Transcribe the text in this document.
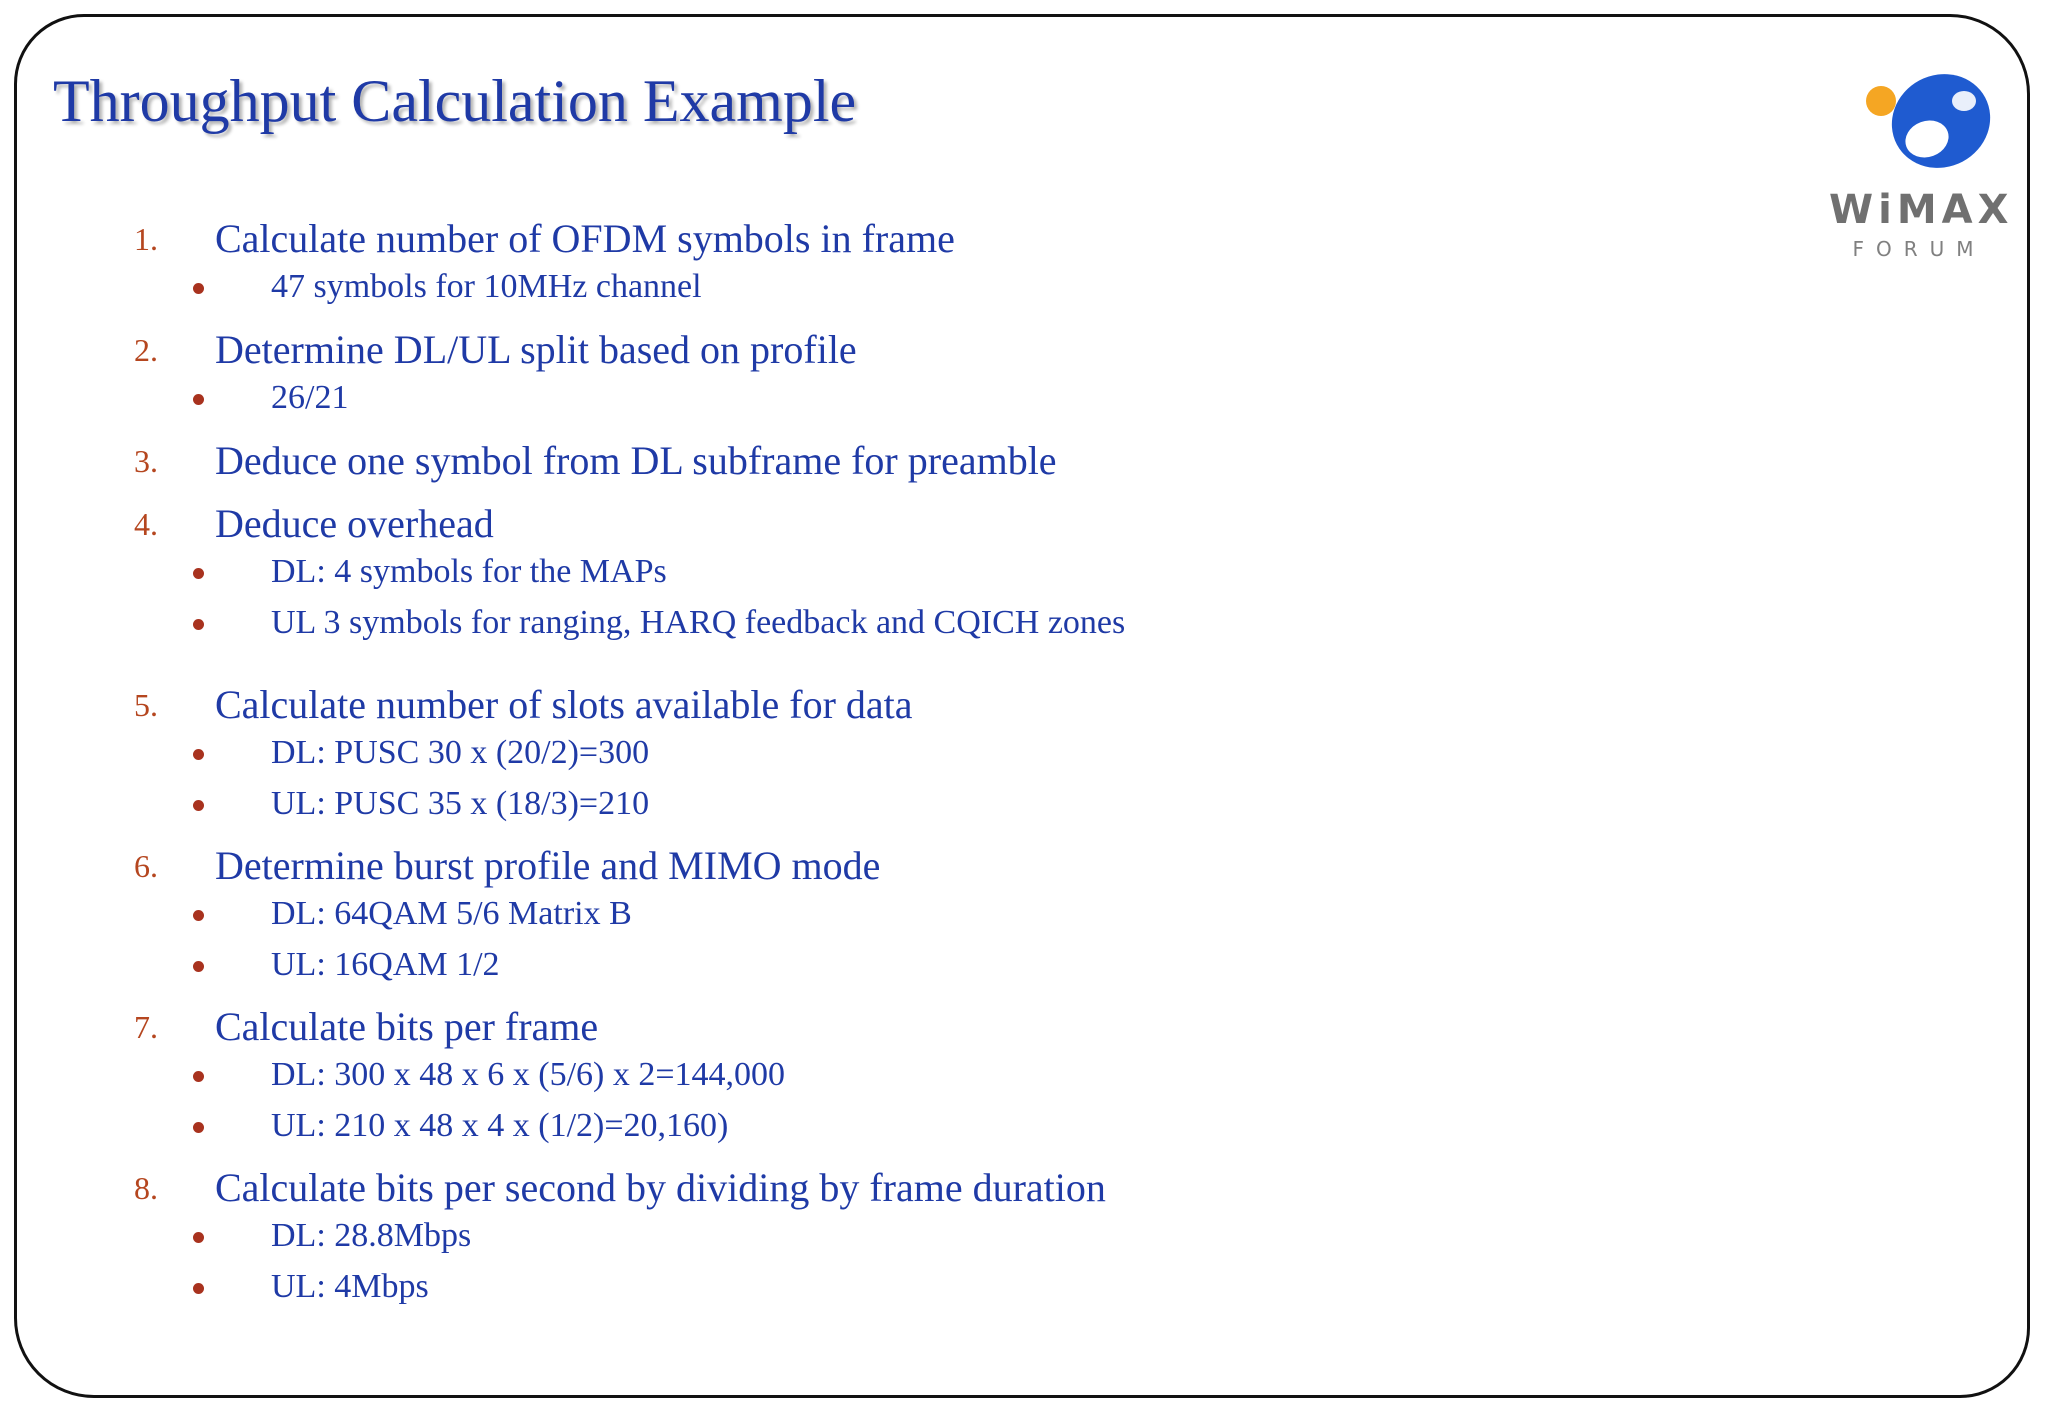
Throughput Calculation Example
WiMAX
FORUM
1. Calculate number of OFDM symbols in frame
47 symbols for 10MHz channel
2. Determine DL/UL split based on profile
26/21
3. Deduce one symbol from DL subframe for preamble
4. Deduce overhead
DL: 4 symbols for the MAPs
UL 3 symbols for ranging, HARQ feedback and CQICH zones
5. Calculate number of slots available for data
DL: PUSC 30 x (20/2)=300
UL: PUSC 35 x (18/3)=210
6. Determine burst profile and MIMO mode
DL: 64QAM 5/6 Matrix B
UL: 16QAM 1/2
7. Calculate bits per frame
DL: 300 x 48 x 6 x (5/6) x 2=144,000
UL: 210 x 48 x 4 x (1/2)=20,160)
8. Calculate bits per second by dividing by frame duration
DL: 28.8Mbps
UL: 4Mbps
